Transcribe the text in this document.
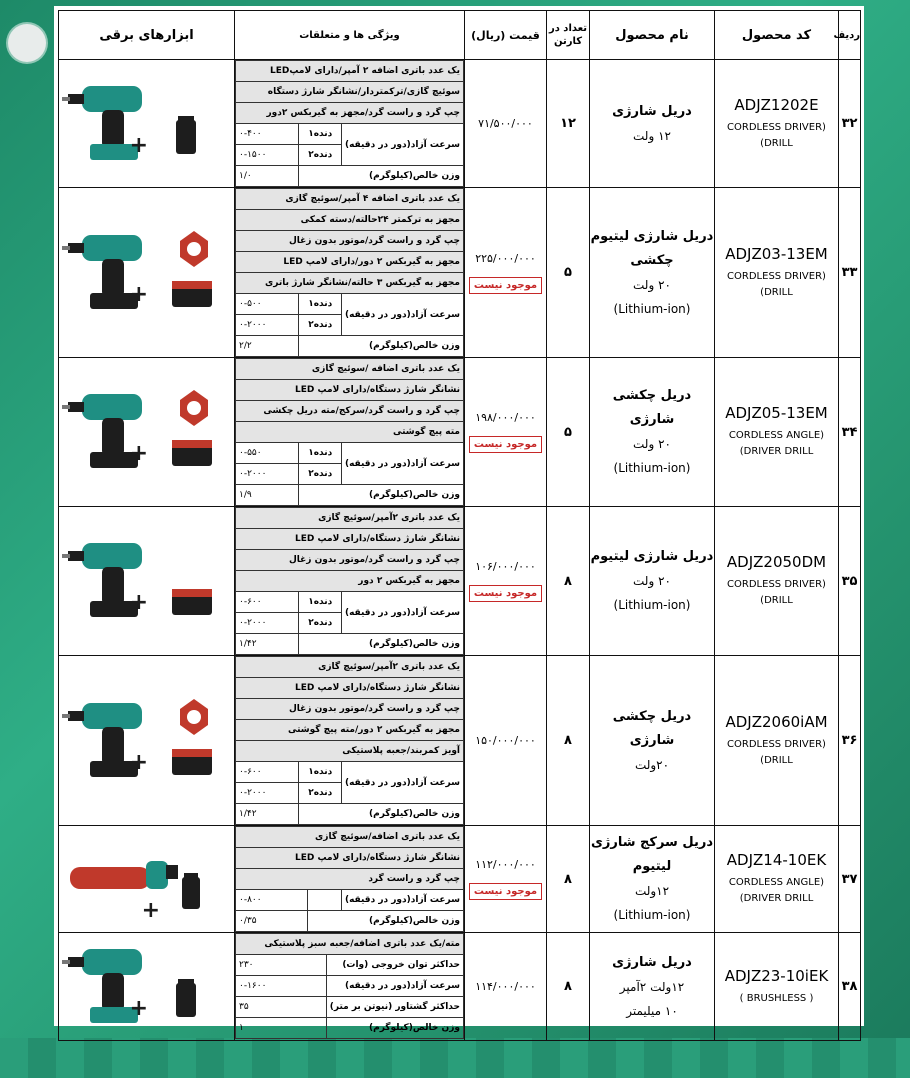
ردیف	کد محصول	نام محصول	تعداد در کارتن	قیمت (ریال)	ویژگی ها و متعلقات	ابزارهای برقی
۳۲	
ADJZ1202E
(CORDLESS DRIVER DRILL)
	دریل شارژی
۱۲ ولت
	۱۲	
۷۱/۵۰۰/۰۰۰

یک عدد باتری اضافه ۲ آمپر/دارای لامپLED
سوئیچ گازی/ترکمتردار/نشانگر شارژ دستگاه
چپ گرد و راست گرد/مجهز به گیربکس ۲دور
سرعت آزاد(دور در دقیقه)	دنده۱	۰-۴۰۰
دنده۲	۰-۱۵۰۰
وزن خالص(کیلوگرم)	۱/۰

+

۳۳	
ADJZ03-13EM
(CORDLESS DRIVER DRILL)
	دریل شارژی لیتیوم چکشی
۲۰ ولت
(Lithium-ion)
	۵	
۲۲۵/۰۰۰/۰۰۰
موجود نیست	
یک عدد باتری اضافه ۴ آمپر/سوئیچ گازی
مجهز به ترکمتر ۲۴حالته/دسته کمکی
چپ گرد و راست گرد/موتور بدون زغال
مجهز به گیربکس ۲ دور/دارای لامپ LED
مجهز به گیربکس ۳ حالته/نشانگر شارژ باتری
سرعت آزاد(دور در دقیقه)	دنده۱	۰-۵۰۰
دنده۲	۰-۲۰۰۰
وزن خالص(کیلوگرم)	۲/۲

+

۳۴	
ADJZ05-13EM
(CORDLESS ANGLE DRIVER DRILL)
	دریل چکشی شارژی
۲۰ ولت
(Lithium-ion)
	۵	
۱۹۸/۰۰۰/۰۰۰
موجود نیست	
یک عدد باتری اضافه /سوئیچ گازی
نشانگر شارژ دستگاه/دارای لامپ LED
چپ گرد و راست گرد/سرکج/مته دریل چکشی
مته پیچ گوشتی
سرعت آزاد(دور در دقیقه)	دنده۱	۰-۵۵۰
دنده۲	۰-۲۰۰۰
وزن خالص(کیلوگرم)	۱/۹

+

۳۵	
ADJZ2050DM
(CORDLESS DRIVER DRILL)
	دریل شارژی لیتیوم
۲۰ ولت
(Lithium-ion)
	۸	
۱۰۶/۰۰۰/۰۰۰
موجود نیست	
یک عدد باتری ۲آمپر/سوئیچ گازی
نشانگر شارژ دستگاه/دارای لامپ LED
چپ گرد و راست گرد/موتور بدون زغال
مجهز به گیربکس ۲ دور
سرعت آزاد(دور در دقیقه)	دنده۱	۰-۶۰۰
دنده۲	۰-۲۰۰۰
وزن خالص(کیلوگرم)	۱/۴۲

+

۳۶	
ADJZ2060iAM
(CORDLESS DRIVER DRILL)
	دریل چکشی شارژی
۲۰ولت
	۸	
۱۵۰/۰۰۰/۰۰۰

یک عدد باتری ۲آمپر/سوئیچ گازی
نشانگر شارژ دستگاه/دارای لامپ LED
چپ گرد و راست گرد/موتور بدون زغال
مجهز به گیربکس ۲ دور/مته پیچ گوشتی
آویز کمربند/جعبه پلاستیکی
سرعت آزاد(دور در دقیقه)	دنده۱	۰-۶۰۰
دنده۲	۰-۲۰۰۰
وزن خالص(کیلوگرم)	۱/۴۲

+

۳۷	
ADJZ14-10EK
(CORDLESS ANGLE DRIVER DRILL)
	دریل سرکج شارژی لیتیوم
۱۲ولت
(Lithium-ion)
	۸	
۱۱۲/۰۰۰/۰۰۰
موجود نیست	
یک عدد باتری اضافه/سوئیچ گازی
نشانگر شارژ دستگاه/دارای لامپ LED
چپ گرد و راست گرد
سرعت آزاد(دور در دقیقه)		۰-۸۰۰
وزن خالص(کیلوگرم)	۰/۳۵

+

۳۸	
ADJZ23-10iEK
( BRUSHLESS )
	دریل شارژی
۱۲ولت ۲آمپر
۱۰ میلیمتر
	۸	
۱۱۴/۰۰۰/۰۰۰

مته/یک عدد باتری اضافه/جعبه سبز پلاستیکی
حداکثر توان خروجی (وات)	۲۳۰
سرعت آزاد(دور در دقیقه)	۰-۱۶۰۰
حداکثر گشتاور (نیوتن بر متر)	۳۵
وزن خالص(کیلوگرم)	۱

+
